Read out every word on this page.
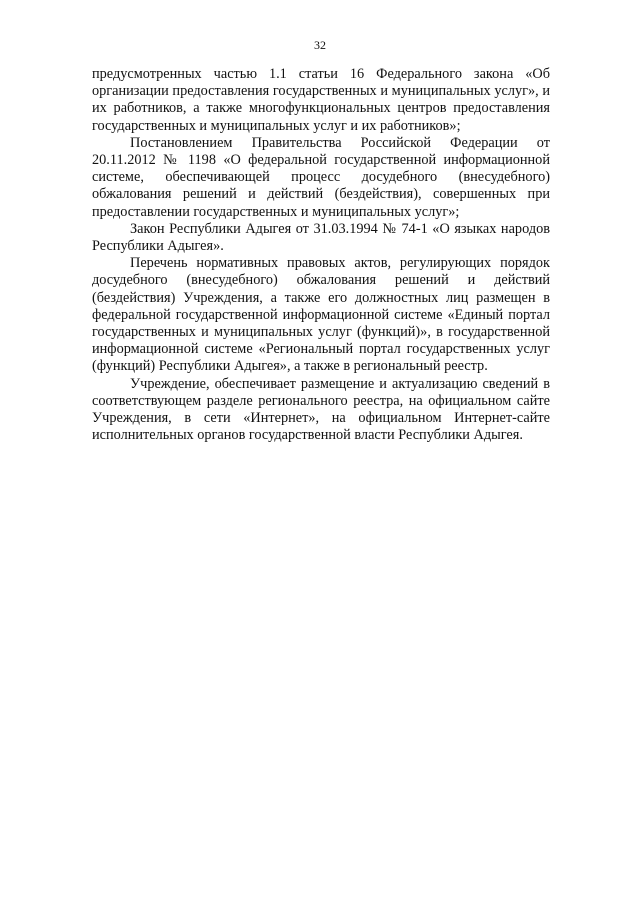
32

предусмотренных частью 1.1 статьи 16 Федерального закона «Об организации предоставления государственных и муниципальных услуг», и их работников, а также многофункциональных центров предоставления государственных и муниципальных услуг и их работников»;

Постановлением Правительства Российской Федерации от 20.11.2012 № 1198 «О федеральной государственной информационной системе, обеспечивающей процесс досудебного (внесудебного) обжалования решений и действий (бездействия), совершенных при предоставлении государственных и муниципальных услуг»;

Закон Республики Адыгея от 31.03.1994 № 74-1 «О языках народов Республики Адыгея».

Перечень нормативных правовых актов, регулирующих порядок досудебного (внесудебного) обжалования решений и действий (бездействия) Учреждения, а также его должностных лиц размещен в федеральной государственной информационной системе «Единый портал государственных и муниципальных услуг (функций)», в государственной информационной системе «Региональный портал государственных услуг (функций) Республики Адыгея», а также в региональный реестр.

Учреждение, обеспечивает размещение и актуализацию сведений в соответствующем разделе регионального реестра, на официальном сайте Учреждения, в сети «Интернет», на официальном Интернет-сайте исполнительных органов государственной власти Республики Адыгея.
